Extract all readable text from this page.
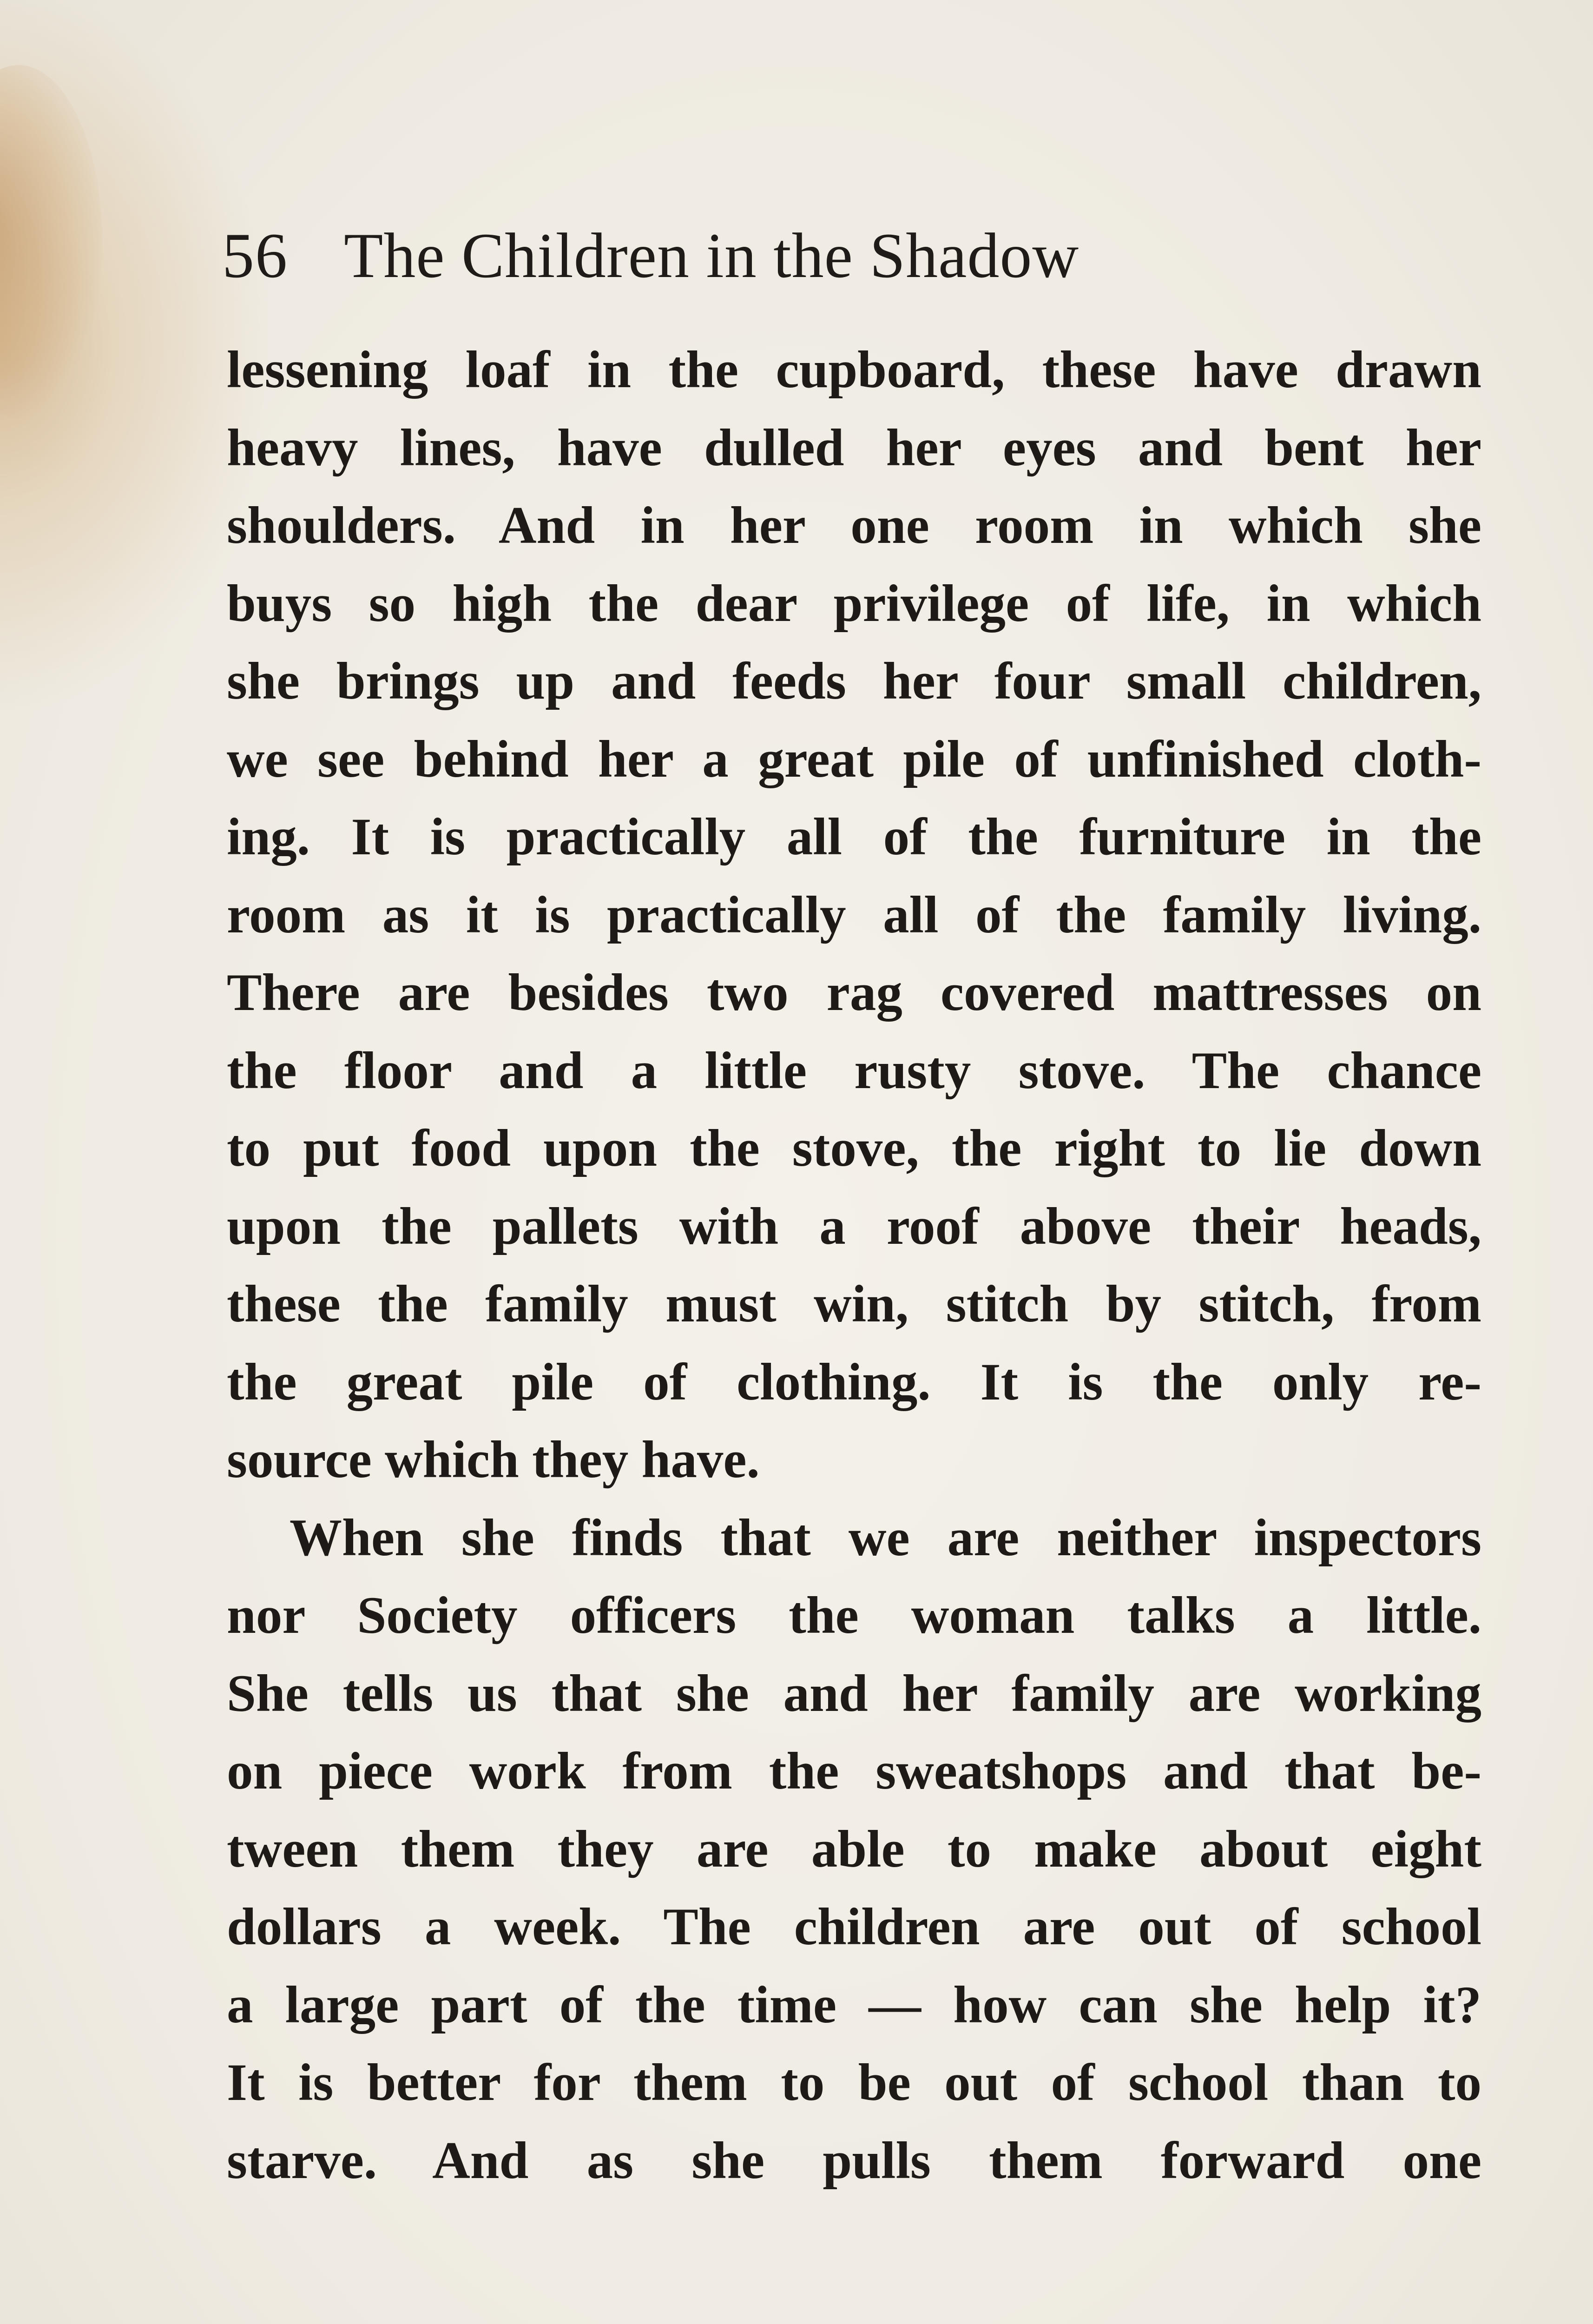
56 The Children in the Shadow
lessening loaf in the cupboard, these have drawn
heavy lines, have dulled her eyes and bent her
shoulders. And in her one room in which she
buys so high the dear privilege of life, in which
she brings up and feeds her four small children,
we see behind her a great pile of unfinished cloth-
ing. It is practically all of the furniture in the
room as it is practically all of the family living.
There are besides two rag covered mattresses on
the floor and a little rusty stove. The chance
to put food upon the stove, the right to lie down
upon the pallets with a roof above their heads,
these the family must win, stitch by stitch, from
the great pile of clothing. It is the only re-
source which they have.
When she finds that we are neither inspectors
nor Society officers the woman talks a little.
She tells us that she and her family are working
on piece work from the sweatshops and that be-
tween them they are able to make about eight
dollars a week. The children are out of school
a large part of the time — how can she help it?
It is better for them to be out of school than to
starve. And as she pulls them forward one
